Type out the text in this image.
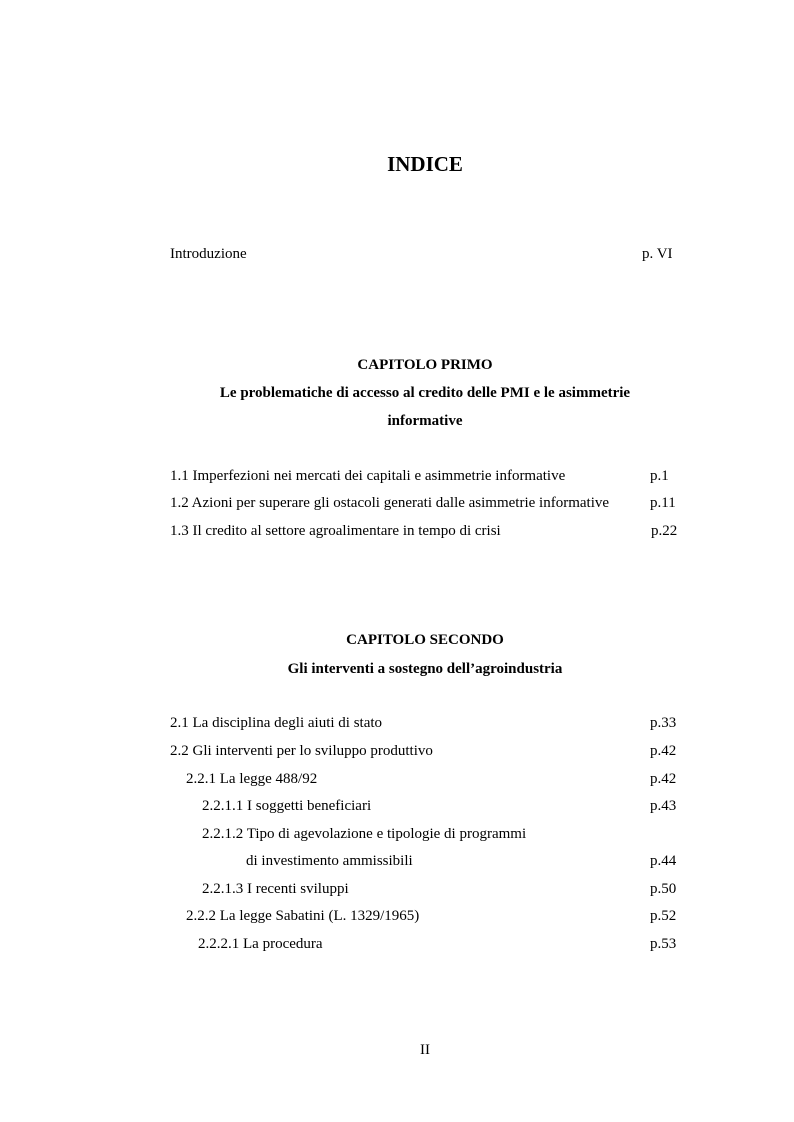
INDICE
Introduzione	p. VI
CAPITOLO PRIMO
Le problematiche di accesso al credito delle PMI e le asimmetrie
informative
1.1 Imperfezioni nei mercati dei capitali e asimmetrie informative	p.1
1.2 Azioni per superare gli ostacoli generati dalle asimmetrie informative	p.11
1.3 Il credito al settore agroalimentare in tempo di crisi	p.22
CAPITOLO SECONDO
Gli interventi a sostegno dell’agroindustria
2.1 La disciplina degli aiuti di stato	p.33
2.2 Gli interventi per lo sviluppo produttivo	p.42
2.2.1 La legge 488/92	p.42
2.2.1.1 I soggetti beneficiari	p.43
2.2.1.2 Tipo di agevolazione e tipologie di programmi
di investimento ammissibili	p.44
2.2.1.3 I recenti sviluppi	p.50
2.2.2 La legge Sabatini (L. 1329/1965)	p.52
2.2.2.1 La procedura	p.53
II
